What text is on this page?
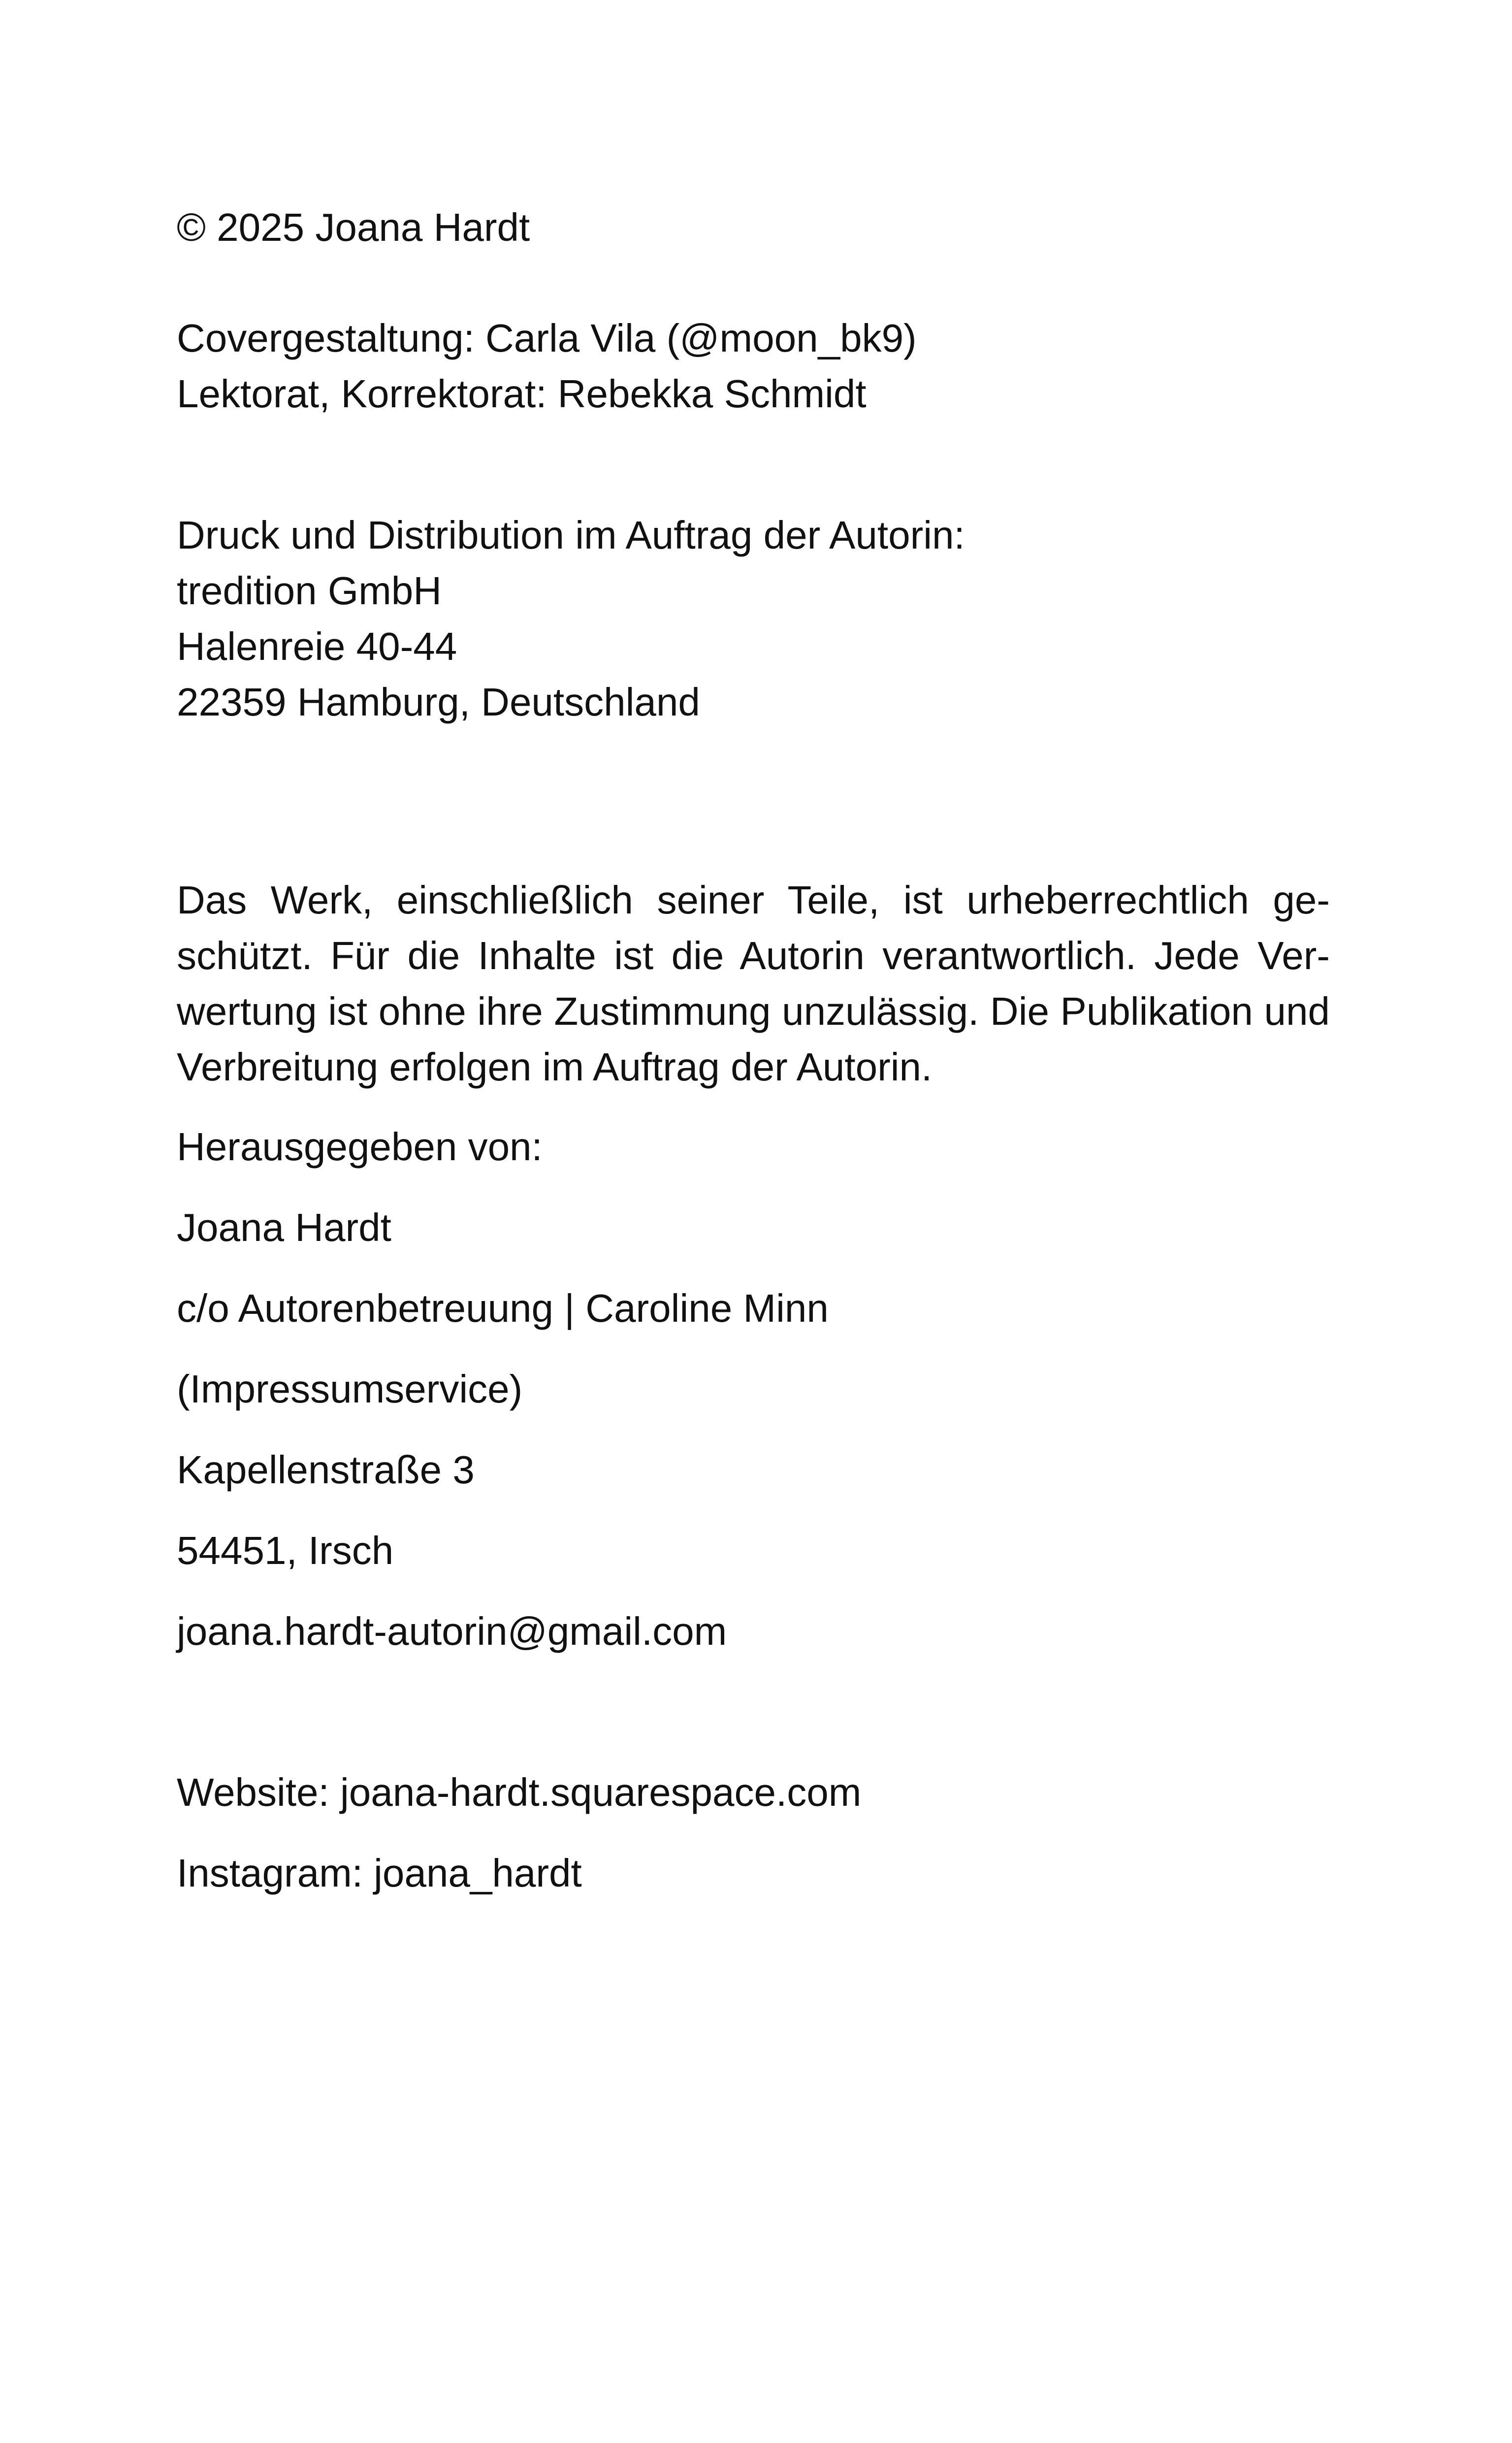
© 2025 Joana Hardt
Covergestaltung: Carla Vila (@moon_bk9)
Lektorat, Korrektorat: Rebekka Schmidt
Druck und Distribution im Auftrag der Autorin:
tredition GmbH
Halenreie 40-44
22359 Hamburg, Deutschland
Das Werk, einschließlich seiner Teile, ist urheberrechtlich geschützt. Für die Inhalte ist die Autorin verantwortlich. Jede Verwertung ist ohne ihre Zustimmung unzulässig. Die Publikation und Verbreitung erfolgen im Auftrag der Autorin.
Herausgegeben von:
Joana Hardt
c/o Autorenbetreuung | Caroline Minn
(Impressumservice)
Kapellenstraße 3
54451, Irsch
joana.hardt-autorin@gmail.com
Website: joana-hardt.squarespace.com
Instagram: joana_hardt
